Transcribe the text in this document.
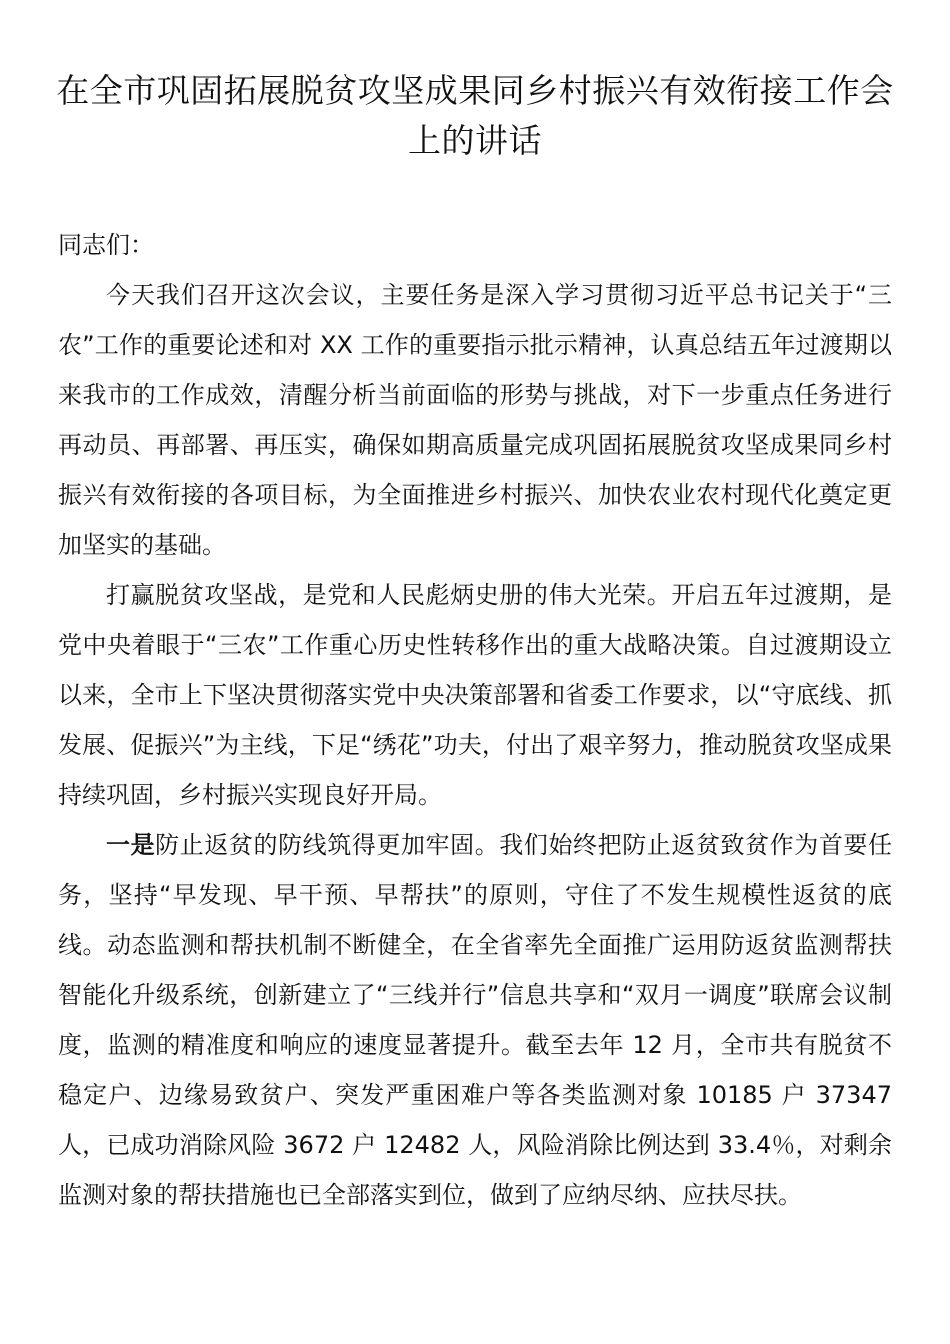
在全市巩固拓展脱贫攻坚成果同乡村振兴有效衔接工作会上的讲话

同志们：

今天我们召开这次会议，主要任务是深入学习贯彻习近平总书记关于“三农”工作的重要论述和对 XX 工作的重要指示批示精神，认真总结五年过渡期以来我市的工作成效，清醒分析当前面临的形势与挑战，对下一步重点任务进行再动员、再部署、再压实，确保如期高质量完成巩固拓展脱贫攻坚成果同乡村振兴有效衔接的各项目标，为全面推进乡村振兴、加快农业农村现代化奠定更加坚实的基础。

打赢脱贫攻坚战，是党和人民彪炳史册的伟大光荣。开启五年过渡期，是党中央着眼于“三农”工作重心历史性转移作出的重大战略决策。自过渡期设立以来，全市上下坚决贯彻落实党中央决策部署和省委工作要求，以“守底线、抓发展、促振兴”为主线，下足“绣花”功夫，付出了艰辛努力，推动脱贫攻坚成果持续巩固，乡村振兴实现良好开局。

一是防止返贫的防线筑得更加牢固。我们始终把防止返贫致贫作为首要任务，坚持“早发现、早干预、早帮扶”的原则，守住了不发生规模性返贫的底线。动态监测和帮扶机制不断健全，在全省率先全面推广运用防返贫监测帮扶智能化升级系统，创新建立了“三线并行”信息共享和“双月一调度”联席会议制度，监测的精准度和响应的速度显著提升。截至去年 12 月，全市共有脱贫不稳定户、边缘易致贫户、突发严重困难户等各类监测对象 10185 户 37347 人，已成功消除风险 3672 户 12482 人，风险消除比例达到 33.4％，对剩余监测对象的帮扶措施也已全部落实到位，做到了应纳尽纳、应扶尽扶。
